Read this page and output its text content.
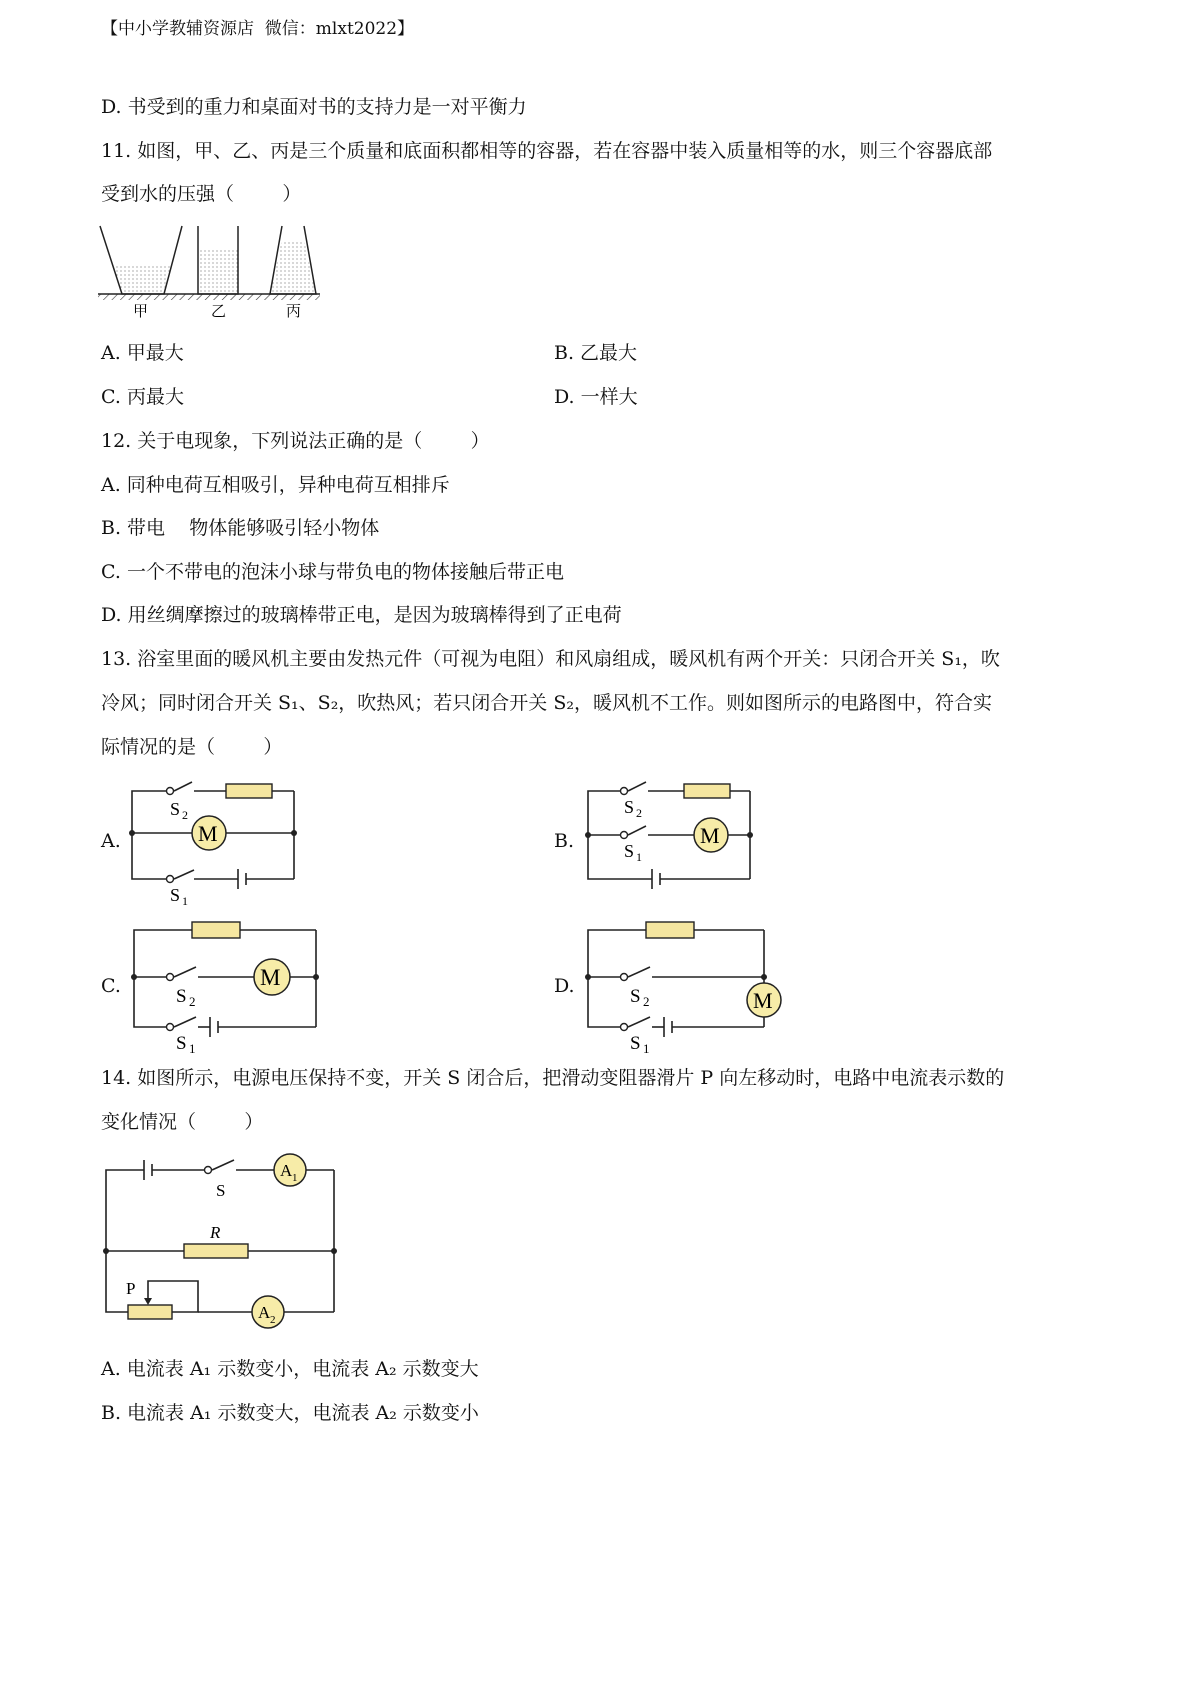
【中小学教辅资源店  微信：mlxt2022】
D. 书受到的重力和桌面对书的支持力是一对平衡力
11. 如图，甲、乙、丙是三个质量和底面积都相等的容器，若在容器中装入质量相等的水，则三个容器底部
受到水的压强（        ）
甲	乙	丙
A. 甲最大	B. 乙最大
C. 丙最大	D. 一样大
12. 关于电现象，下列说法正确的是（        ）
A. 同种电荷互相吸引，异种电荷互相排斥
B. 带电    物体能够吸引轻小物体
C. 一个不带电的泡沫小球与带负电的物体接触后带正电
D. 用丝绸摩擦过的玻璃棒带正电，是因为玻璃棒得到了正电荷
13. 浴室里面的暖风机主要由发热元件（可视为电阻）和风扇组成，暖风机有两个开关：只闭合开关 S₁，吹
冷风；同时闭合开关 S₁、S₂，吹热风；若只闭合开关 S₂，暖风机不工作。则如图所示的电路图中，符合实
际情况的是（        ）
A.	M
S 2
S 1
B.	M
S 2
S 1
C.	M
S 2
S 1
D.
M
S 2
S 1
14. 如图所示，电源电压保持不变，开关 S 闭合后，把滑动变阻器滑片 P 向左移动时，电路中电流表示数的
变化情况（        ）
A 1
A 2
S
R
P
A. 电流表 A₁ 示数变小，电流表 A₂ 示数变大
B. 电流表 A₁ 示数变大，电流表 A₂ 示数变小
